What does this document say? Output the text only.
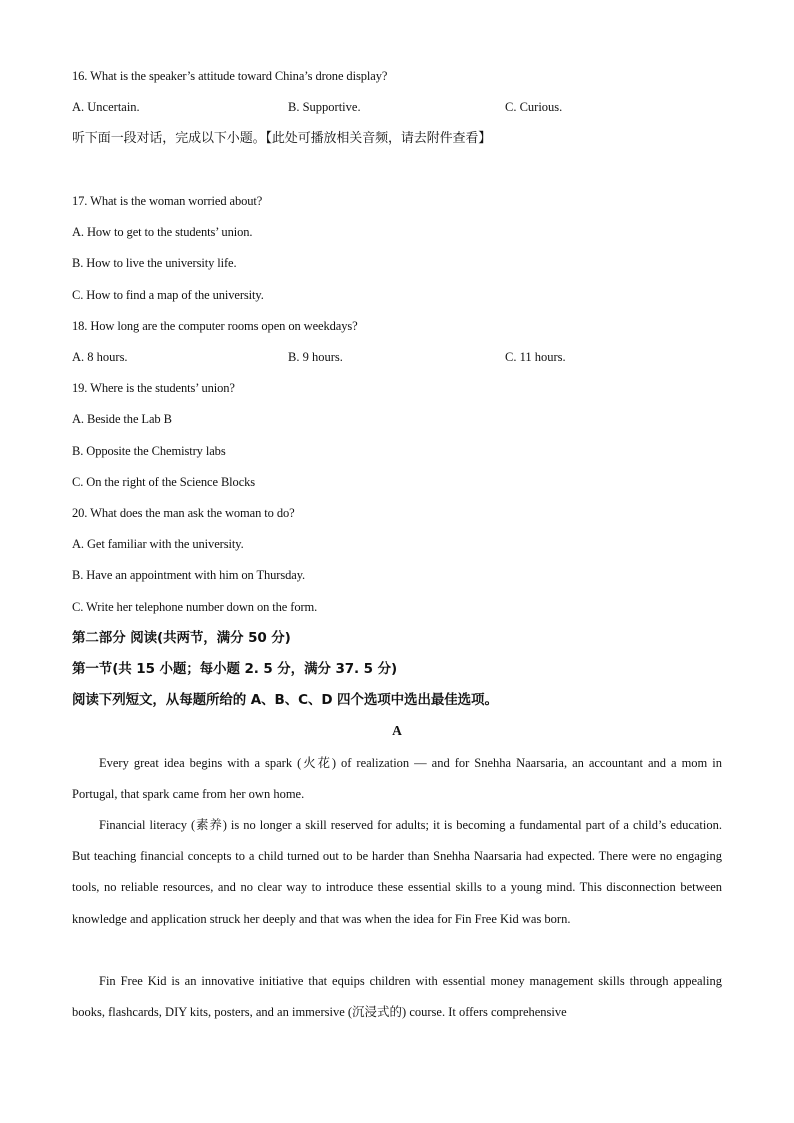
16. What is the speaker’s attitude toward China’s drone display?
A. Uncertain.	B. Supportive.	C. Curious.
听下面一段对话，完成以下小题。【此处可播放相关音频，请去附件查看】
17. What is the woman worried about?
A. How to get to the students’ union.
B. How to live the university life.
C. How to find a map of the university.
18. How long are the computer rooms open on weekdays?
A. 8 hours.	B. 9 hours.	C. 11 hours.
19. Where is the students’ union?
A. Beside the Lab B
B. Opposite the Chemistry labs
C. On the right of the Science Blocks
20. What does the man ask the woman to do?
A. Get familiar with the university.
B. Have an appointment with him on Thursday.
C. Write her telephone number down on the form.
第二部分 阅读(共两节，满分 50 分)
第一节(共 15 小题；每小题 2. 5 分，满分 37. 5 分)
阅读下列短文，从每题所给的 A、B、C、D 四个选项中选出最佳选项。
A
Every great idea begins with a spark (火花) of realization — and for Snehha Naarsaria, an accountant and a mom in Portugal, that spark came from her own home.
Financial literacy (素养) is no longer a skill reserved for adults; it is becoming a fundamental part of a child’s education. But teaching financial concepts to a child turned out to be harder than Snehha Naarsaria had expected. There were no engaging tools, no reliable resources, and no clear way to introduce these essential skills to a young mind. This disconnection between knowledge and application struck her deeply and that was when the idea for Fin Free Kid was born.
Fin Free Kid is an innovative initiative that equips children with essential money management skills through appealing books, flashcards, DIY kits, posters, and an immersive (沉浸式的) course. It offers comprehensive
